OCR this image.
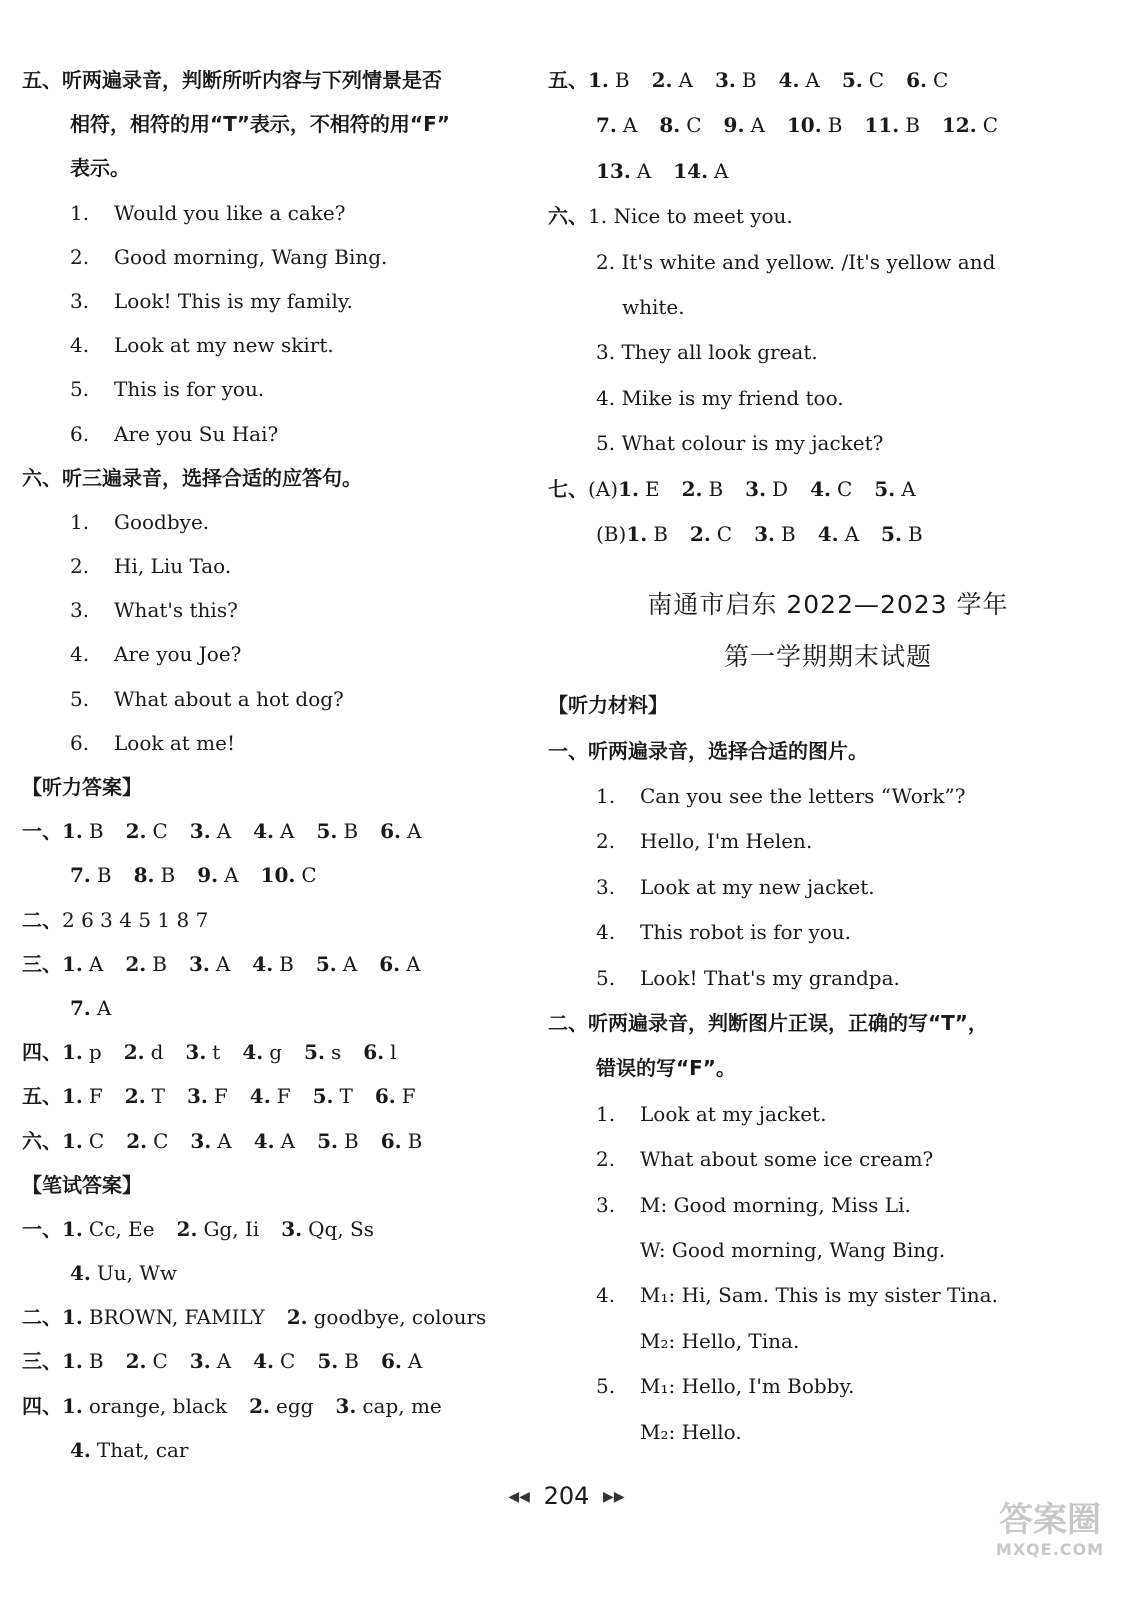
五、听两遍录音，判断所听内容与下列情景是否
相符，相符的用“T”表示，不相符的用“F”
表示。
1. Would you like a cake?
2. Good morning, Wang Bing.
3. Look! This is my family.
4. Look at my new skirt.
5. This is for you.
6. Are you Su Hai?
六、听三遍录音，选择合适的应答句。
1. Goodbye.
2. Hi, Liu Tao.
3. What's this?
4. Are you Joe?
5. What about a hot dog?
6. Look at me!
【听力答案】
一、1. B 2. C 3. A 4. A 5. B 6. A
7. B 8. B 9. A 10. C
二、2 6 3 4 5 1 8 7
三、1. A 2. B 3. A 4. B 5. A 6. A
7. A
四、1. p 2. d 3. t 4. g 5. s 6. l
五、1. F 2. T 3. F 4. F 5. T 6. F
六、1. C 2. C 3. A 4. A 5. B 6. B
【笔试答案】
一、1. Cc, Ee 2. Gg, Ii 3. Qq, Ss
4. Uu, Ww
二、1. BROWN, FAMILY 2. goodbye, colours
三、1. B 2. C 3. A 4. C 5. B 6. A
四、1. orange, black 2. egg 3. cap, me
4. That, car
五、1. B 2. A 3. B 4. A 5. C 6. C
7. A 8. C 9. A 10. B 11. B 12. C
13. A 14. A
六、1. Nice to meet you.
2. It's white and yellow. /It's yellow and
white.
3. They all look great.
4. Mike is my friend too.
5. What colour is my jacket?
七、(A)1. E 2. B 3. D 4. C 5. A
(B)1. B 2. C 3. B 4. A 5. B
南通市启东 2022—2023 学年
第一学期期末试题
【听力材料】
一、听两遍录音，选择合适的图片。
1. Can you see the letters “Work”?
2. Hello, I'm Helen.
3. Look at my new jacket.
4. This robot is for you.
5. Look! That's my grandpa.
二、听两遍录音，判断图片正误，正确的写“T”，
错误的写“F”。
1. Look at my jacket.
2. What about some ice cream?
3. M: Good morning, Miss Li.
W: Good morning, Wang Bing.
4. M₁: Hi, Sam. This is my sister Tina.
M₂: Hello, Tina.
5. M₁: Hello, I'm Bobby.
M₂: Hello.
◀◀ 204 ▶▶
答案圈
MXQE.COM
